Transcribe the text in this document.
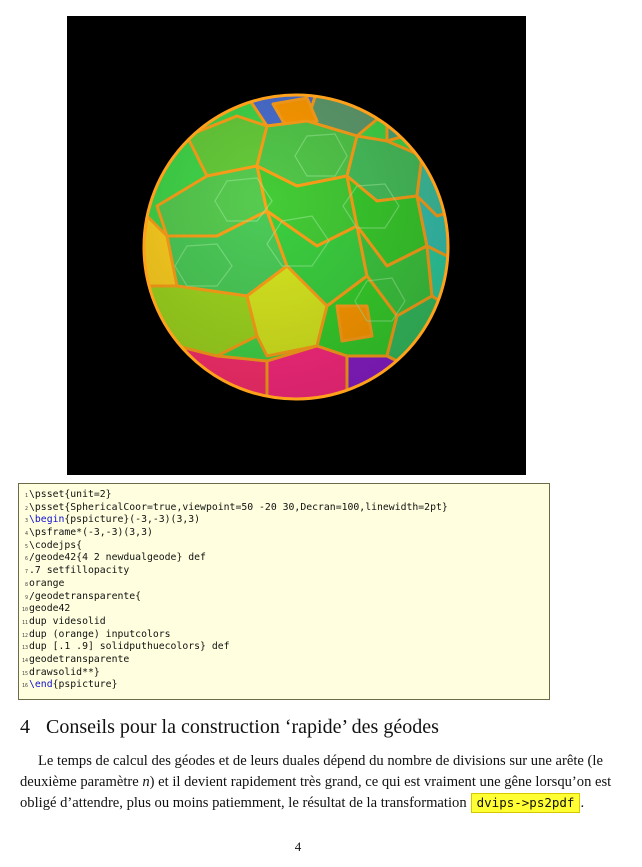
1 \psset{unit=2}
2 \psset{SphericalCoor=true,viewpoint=50 -20 30,Decran=100,linewidth=2pt}
3 \begin {pspicture}(-3,-3)(3,3)
4 \psframe*(-3,-3)(3,3)
5 \codejps{
6 /geode42{4 2 newdualgeode} def
7 .7 setfillopacity
8 orange
9 /geodetransparente{
10 geode42
11 dup videsolid
12 dup (orange) inputcolors
13 dup [.1 .9] solidputhuecolors} def
14 geodetransparente
15 drawsolid**}
16 \end {pspicture}
4 Conseils pour la construction ‘rapide’ des géodes
Le temps de calcul des géodes et de leurs duales dépend du nombre de divisions sur une arête (le
deuxième paramètre n) et il devient rapidement très grand, ce qui est vraiment une gêne lorsqu’on est
obligé d’attendre, plus ou moins patiemment, le résultat de la transformation dvips->ps2pdf .
4
